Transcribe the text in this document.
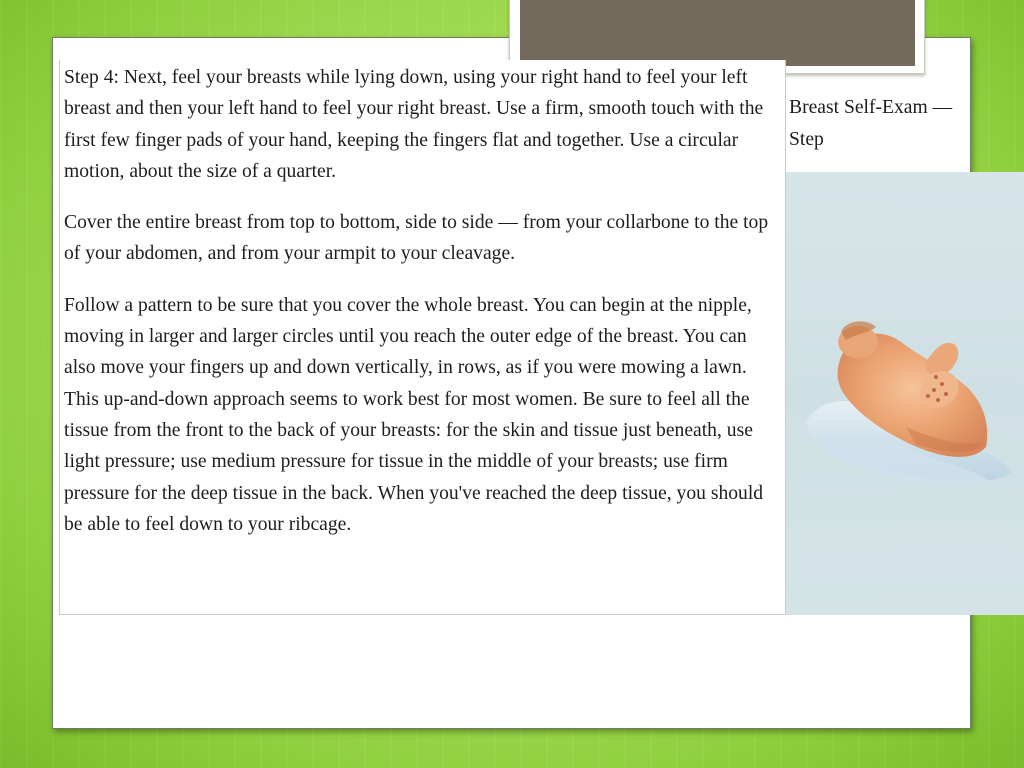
Step 4: Next, feel your breasts while lying down, using your right hand to feel your left breast and then your left hand to feel your right breast. Use a firm, smooth touch with the first few finger pads of your hand, keeping the fingers flat and together. Use a circular motion, about the size of a quarter.

Cover the entire breast from top to bottom, side to side — from your collarbone to the top of your abdomen, and from your armpit to your cleavage.

Follow a pattern to be sure that you cover the whole breast. You can begin at the nipple, moving in larger and larger circles until you reach the outer edge of the breast. You can also move your fingers up and down vertically, in rows, as if you were mowing a lawn. This up-and-down approach seems to work best for most women. Be sure to feel all the tissue from the front to the back of your breasts: for the skin and tissue just beneath, use light pressure; use medium pressure for tissue in the middle of your breasts; use firm pressure for the deep tissue in the back. When you've reached the deep tissue, you should be able to feel down to your ribcage.

Breast Self-Exam — Step
